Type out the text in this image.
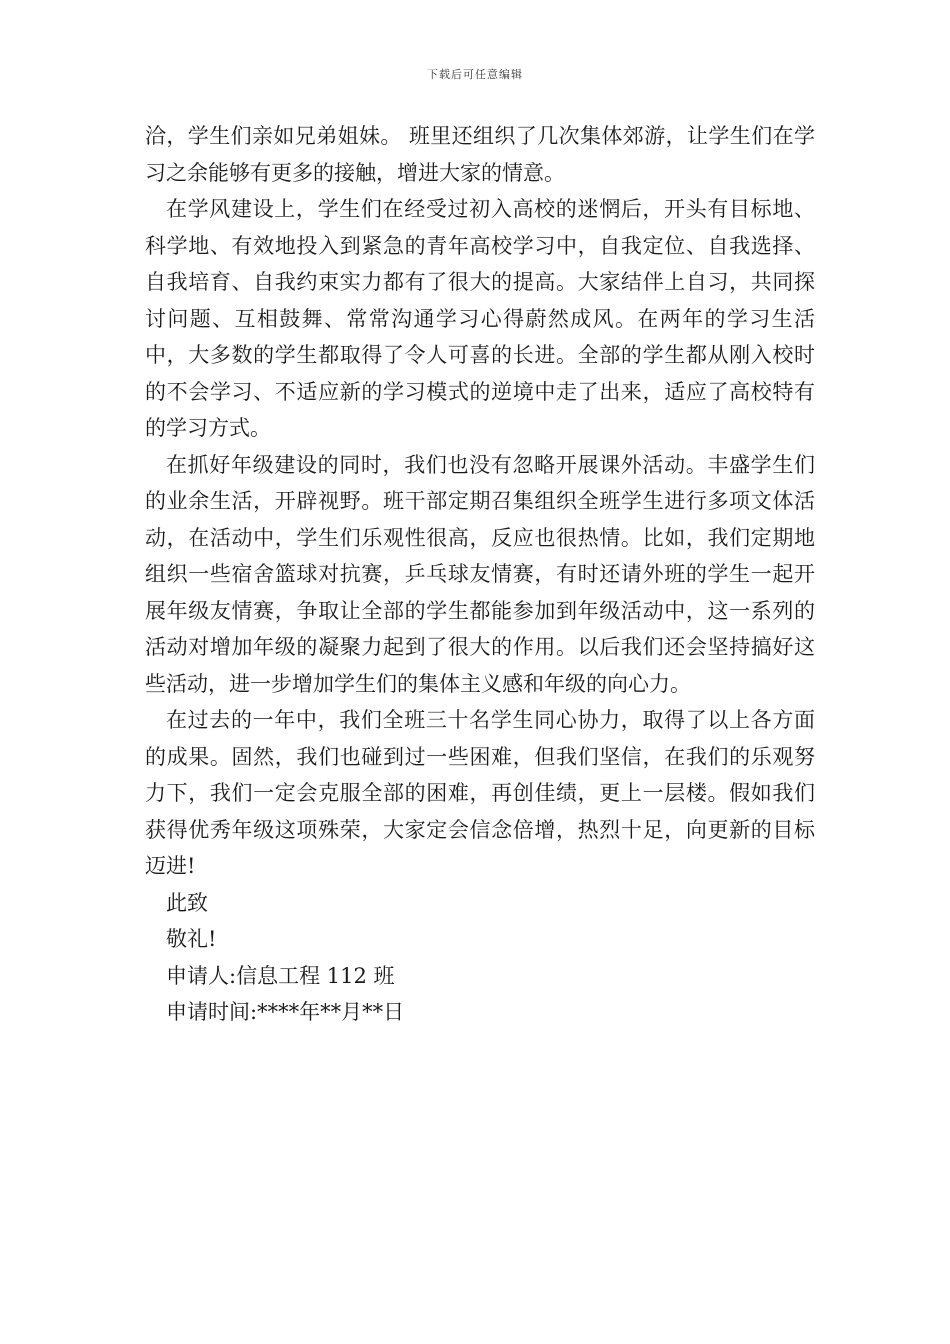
下载后可任意编辑

洽，学生们亲如兄弟姐妹。 班里还组织了几次集体郊游，让学生们在学习之余能够有更多的接触，增进大家的情意。

在学风建设上，学生们在经受过初入高校的迷惘后，开头有目标地、科学地、有效地投入到紧急的青年高校学习中，自我定位、自我选择、自我培育、自我约束实力都有了很大的提高。大家结伴上自习，共同探讨问题、互相鼓舞、常常沟通学习心得蔚然成风。在两年的学习生活中，大多数的学生都取得了令人可喜的长进。全部的学生都从刚入校时的不会学习、不适应新的学习模式的逆境中走了出来，适应了高校特有的学习方式。

在抓好年级建设的同时，我们也没有忽略开展课外活动。丰盛学生们的业余生活，开辟视野。班干部定期召集组织全班学生进行多项文体活动，在活动中，学生们乐观性很高，反应也很热情。比如，我们定期地组织一些宿舍篮球对抗赛，乒乓球友情赛，有时还请外班的学生一起开展年级友情赛，争取让全部的学生都能参加到年级活动中，这一系列的活动对增加年级的凝聚力起到了很大的作用。以后我们还会坚持搞好这些活动，进一步增加学生们的集体主义感和年级的向心力。

在过去的一年中，我们全班三十名学生同心协力，取得了以上各方面的成果。固然，我们也碰到过一些困难，但我们坚信，在我们的乐观努力下，我们一定会克服全部的困难，再创佳绩，更上一层楼。假如我们获得优秀年级这项殊荣，大家定会信念倍增，热烈十足，向更新的目标迈进!

此致

敬礼!

申请人:信息工程 112 班

申请时间:****年**月**日
